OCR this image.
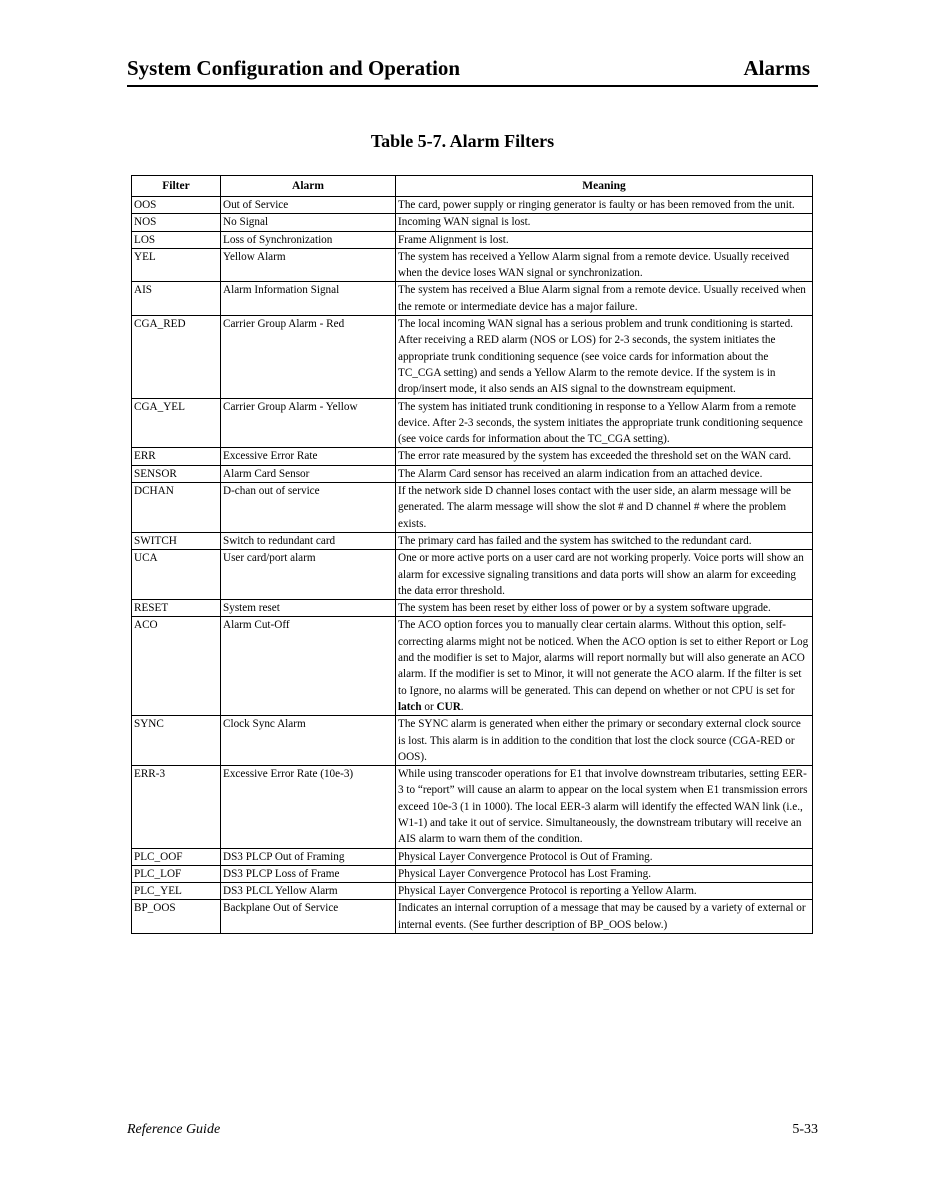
System Configuration and Operation	Alarms
Table 5-7. Alarm Filters
Filter	Alarm	Meaning
OOS	Out of Service	The card, power supply or ringing generator is faulty or has been removed from the unit.
NOS	No Signal	Incoming WAN signal is lost.
LOS	Loss of Synchronization	Frame Alignment is lost.
YEL	Yellow Alarm	The system has received a Yellow Alarm signal from a remote device. Usually received when the device loses WAN signal or synchronization.
AIS	Alarm Information Signal	The system has received a Blue Alarm signal from a remote device. Usually received when the remote or intermediate device has a major failure.
CGA_RED	Carrier Group Alarm - Red	The local incoming WAN signal has a serious problem and trunk conditioning is started. After receiving a RED alarm (NOS or LOS) for 2-3 seconds, the system initiates the appropriate trunk conditioning sequence (see voice cards for information about the TC_CGA setting) and sends a Yellow Alarm to the remote device. If the system is in drop/insert mode, it also sends an AIS signal to the downstream equipment.
CGA_YEL	Carrier Group Alarm - Yellow	The system has initiated trunk conditioning in response to a Yellow Alarm from a remote device. After 2-3 seconds, the system initiates the appropriate trunk conditioning sequence (see voice cards for information about the TC_CGA setting).
ERR	Excessive Error Rate	The error rate measured by the system has exceeded the threshold set on the WAN card.
SENSOR	Alarm Card Sensor	The Alarm Card sensor has received an alarm indication from an attached device.
DCHAN	D-chan out of service	If the network side D channel loses contact with the user side, an alarm message will be generated. The alarm message will show the slot # and D channel # where the problem exists.
SWITCH	Switch to redundant card	The primary card has failed and the system has switched to the redundant card.
UCA	User card/port alarm	One or more active ports on a user card are not working properly. Voice ports will show an alarm for excessive signaling transitions and data ports will show an alarm for exceeding the data error threshold.
RESET	System reset	The system has been reset by either loss of power or by a system software upgrade.
ACO	Alarm Cut-Off	The ACO option forces you to manually clear certain alarms. Without this option, self-correcting alarms might not be noticed. When the ACO option is set to either Report or Log and the modifier is set to Major, alarms will report normally but will also generate an ACO alarm. If the modifier is set to Minor, it will not generate the ACO alarm. If the filter is set to Ignore, no alarms will be generated. This can depend on whether or not CPU is set for latch or CUR.
SYNC	Clock Sync Alarm	The SYNC alarm is generated when either the primary or secondary external clock source is lost. This alarm is in addition to the condition that lost the clock source (CGA-RED or OOS).
ERR-3	Excessive Error Rate (10e-3)	While using transcoder operations for E1 that involve downstream tributaries, setting EER-3 to “report” will cause an alarm to appear on the local system when E1 transmission errors exceed 10e-3 (1 in 1000). The local EER-3 alarm will identify the effected WAN link (i.e., W1-1) and take it out of service. Simultaneously, the downstream tributary will receive an AIS alarm to warn them of the condition.
PLC_OOF	DS3 PLCP Out of Framing	Physical Layer Convergence Protocol is Out of Framing.
PLC_LOF	DS3 PLCP Loss of Frame	Physical Layer Convergence Protocol has Lost Framing.
PLC_YEL	DS3 PLCL Yellow Alarm	Physical Layer Convergence Protocol is reporting a Yellow Alarm.
BP_OOS	Backplane Out of Service	Indicates an internal corruption of a message that may be caused by a variety of external or internal events. (See further description of BP_OOS below.)
Reference Guide	5-33
